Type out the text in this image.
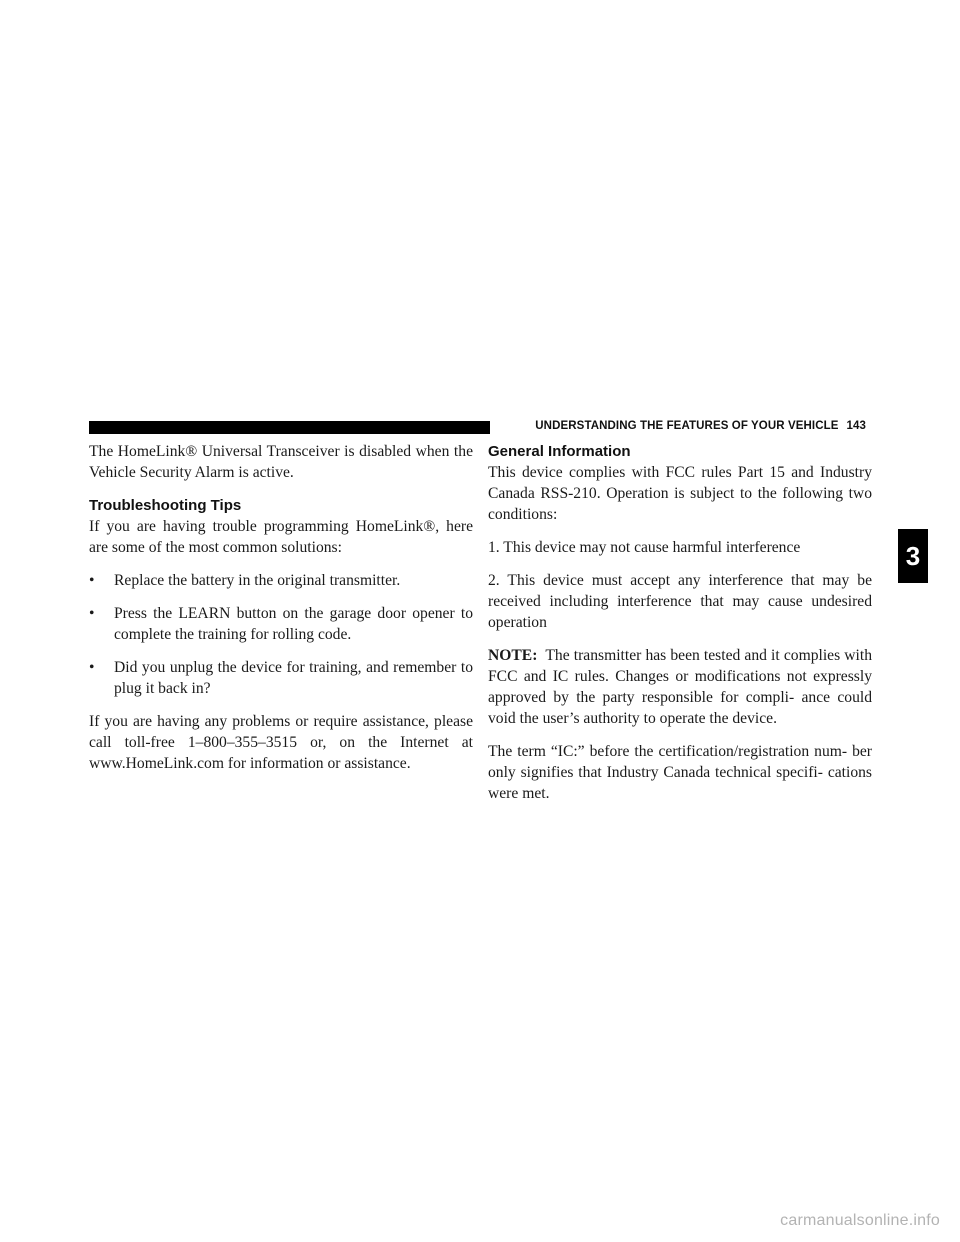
UNDERSTANDING THE FEATURES OF YOUR VEHICLE 143

The HomeLink® Universal Transceiver is disabled when the Vehicle Security Alarm is active.

Troubleshooting Tips

If you are having trouble programming HomeLink®, here are some of the most common solutions:

• Replace the battery in the original transmitter.
• Press the LEARN button on the garage door opener to complete the training for rolling code.
• Did you unplug the device for training, and remember to plug it back in?

If you are having any problems or require assistance, please call toll-free 1–800–355–3515 or, on the Internet at www.HomeLink.com for information or assistance.

General Information

This device complies with FCC rules Part 15 and Industry Canada RSS-210. Operation is subject to the following two conditions:

1. This device may not cause harmful interference

2. This device must accept any interference that may be received including interference that may cause undesired operation

NOTE: The transmitter has been tested and it complies with FCC and IC rules. Changes or modifications not expressly approved by the party responsible for compli- ance could void the user’s authority to operate the device.

The term “IC:” before the certification/registration num- ber only signifies that Industry Canada technical specifi- cations were met.

3
carmanualsonline.info
